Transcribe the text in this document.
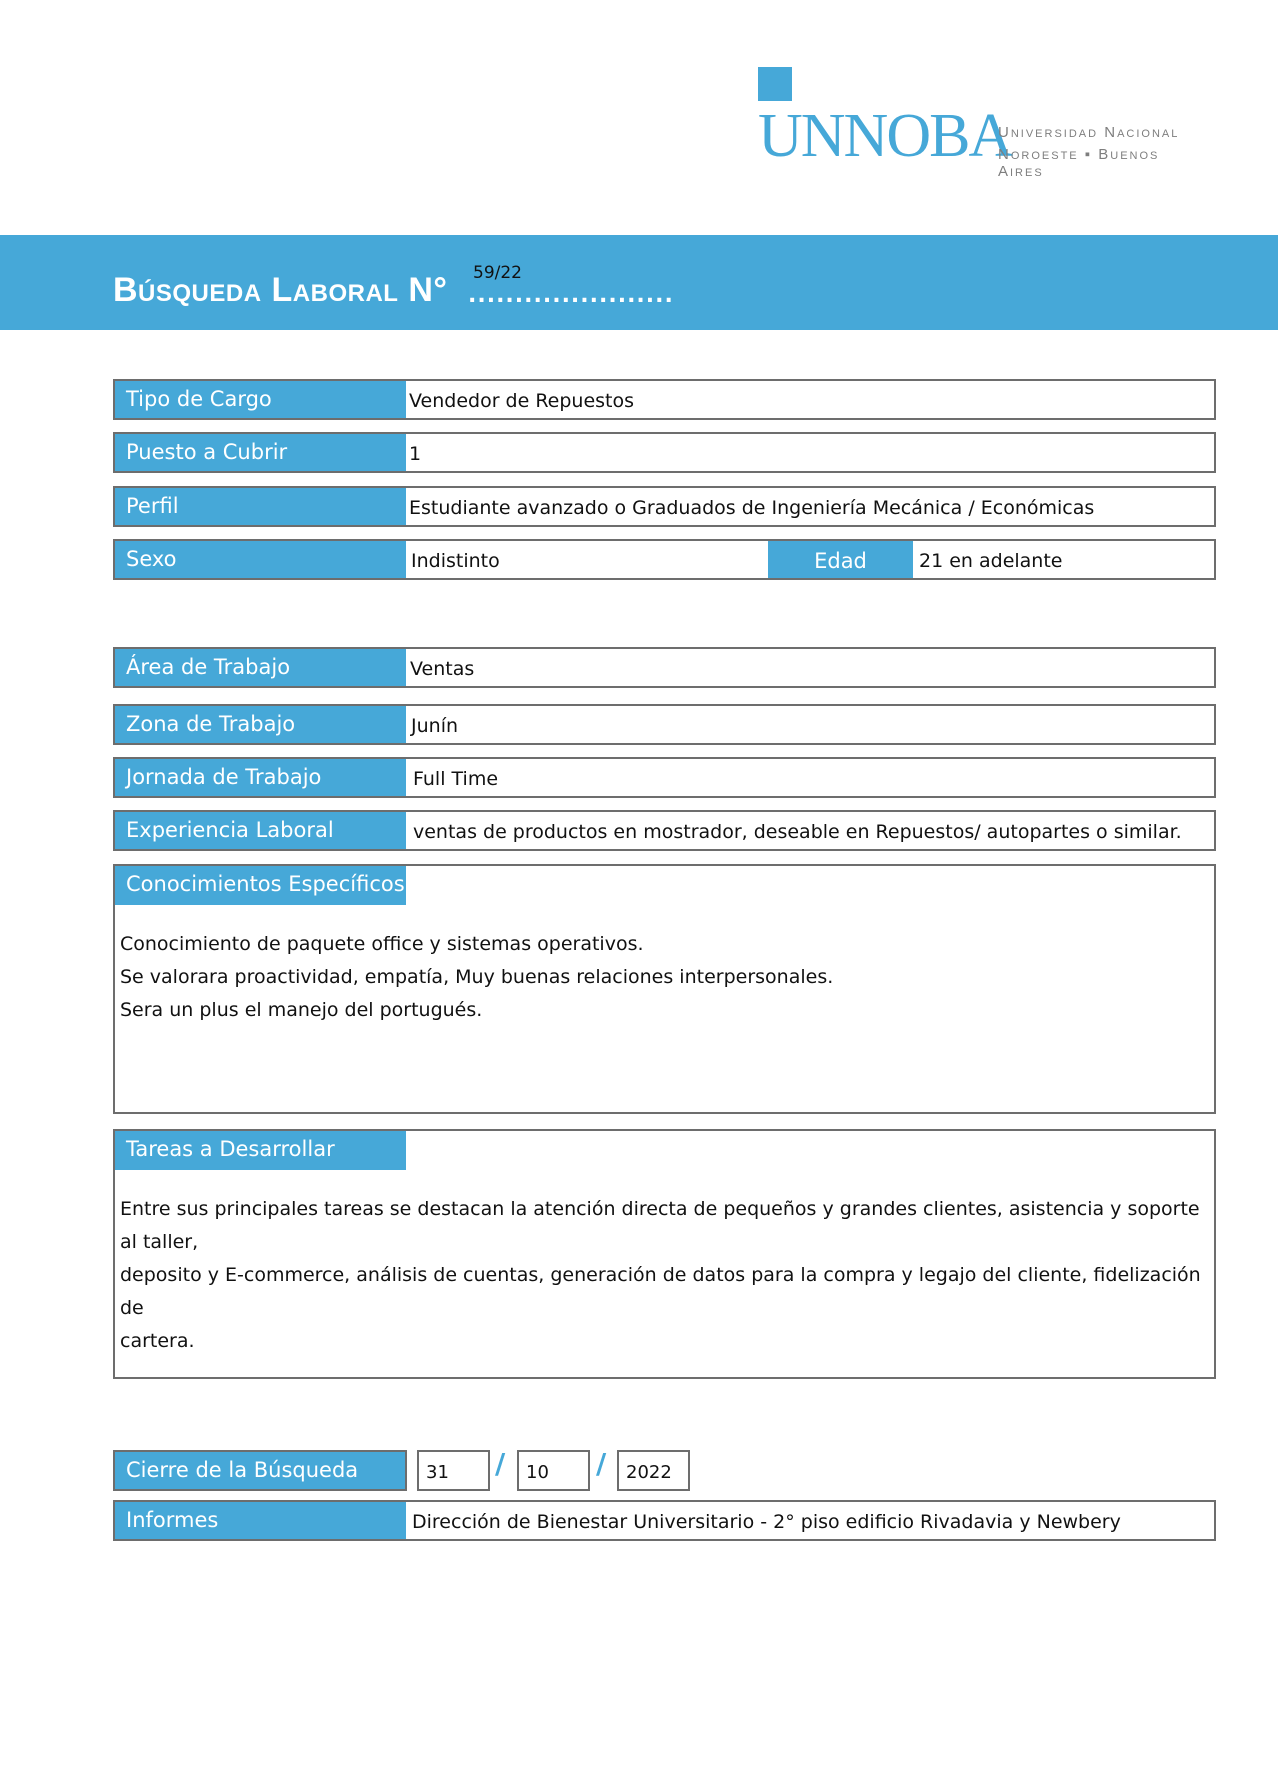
UNNOBA
Universidad Nacional
Noroeste ▪ Buenos Aires
Búsqueda Laboral N° 59/22
......................
Tipo de Cargo	Vendedor de Repuestos
Puesto a Cubrir	1
Perfil	Estudiante avanzado o Graduados de Ingeniería Mecánica / Económicas
Sexo	Indistinto	Edad	21 en adelante
Área de Trabajo	Ventas
Zona de Trabajo	Junín
Jornada de Trabajo	Full Time
Experiencia Laboral	ventas de productos en mostrador, deseable en Repuestos/ autopartes o similar.
Conocimientos Específicos
Conocimiento de paquete office y sistemas operativos.
Se valorara proactividad, empatía, Muy buenas relaciones interpersonales.
Sera un plus el manejo del portugués.
Tareas a Desarrollar
Entre sus principales tareas se destacan la atención directa de pequeños y grandes clientes, asistencia y soporte al taller,
deposito y E-commerce, análisis de cuentas, generación de datos para la compra y legajo del cliente, fidelización de
cartera.
Cierre de la Búsqueda	31	/	10	/	2022
Informes	Dirección de Bienestar Universitario - 2° piso edificio Rivadavia y Newbery
